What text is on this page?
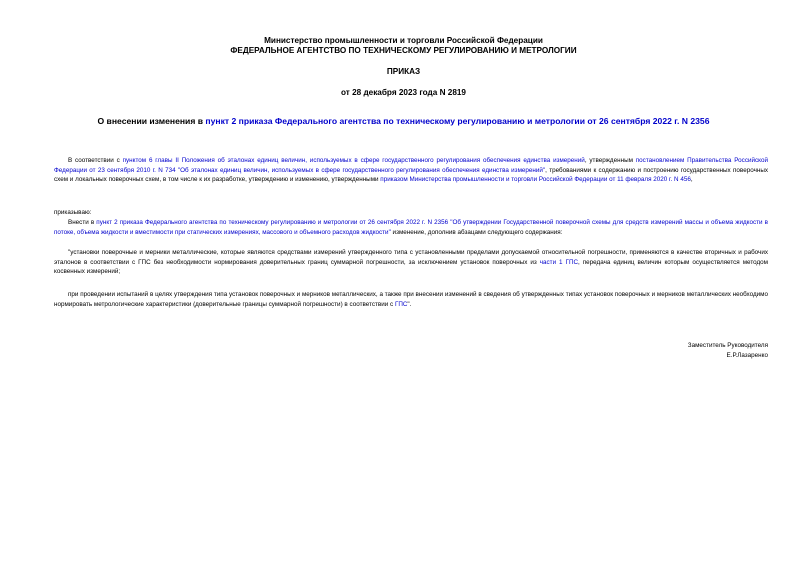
Министерство промышленности и торговли Российской Федерации
ФЕДЕРАЛЬНОЕ АГЕНТСТВО ПО ТЕХНИЧЕСКОМУ РЕГУЛИРОВАНИЮ И МЕТРОЛОГИИ
ПРИКАЗ
от 28 декабря 2023 года N 2819
О внесении изменения в пункт 2 приказа Федерального агентства по техническому регулированию и метрологии от 26 сентября 2022 г. N 2356
В соответствии с пунктом 6 главы II Положения об эталонах единиц величин, используемых в сфере государственного регулирования обеспечения единства измерений, утвержденным постановлением Правительства Российской Федерации от 23 сентября 2010 г. N 734 "Об эталонах единиц величин, используемых в сфере государственного регулирования обеспечения единства измерений", требованиями к содержанию и построению государственных поверочных схем и локальных поверочных схем, в том числе к их разработке, утверждению и изменению, утвержденными приказом Министерства промышленности и торговли Российской Федерации от 11 февраля 2020 г. N 456,
приказываю:
Внести в пункт 2 приказа Федерального агентства по техническому регулированию и метрологии от 26 сентября 2022 г. N 2356 "Об утверждении Государственной поверочной схемы для средств измерений массы и объема жидкости в потоке, объема жидкости и вместимости при статических измерениях, массового и объемного расходов жидкости" изменение, дополнив абзацами следующего содержания:
"установки поверочные и мерники металлические, которые являются средствами измерений утвержденного типа с установленными пределами допускаемой относительной погрешности, применяются в качестве вторичных и рабочих эталонов в соответствии с ГПС без необходимости нормирования доверительных границ суммарной погрешности, за исключением установок поверочных из части 1 ГПС, передача единиц величин которым осуществляется методом косвенных измерений;
при проведении испытаний в целях утверждения типа установок поверочных и мерников металлических, а также при внесении изменений в сведения об утвержденных типах установок поверочных и мерников металлических необходимо нормировать метрологические характеристики (доверительные границы суммарной погрешности) в соответствии с ГПС".
Заместитель Руководителя
Е.Р.Лазаренко
